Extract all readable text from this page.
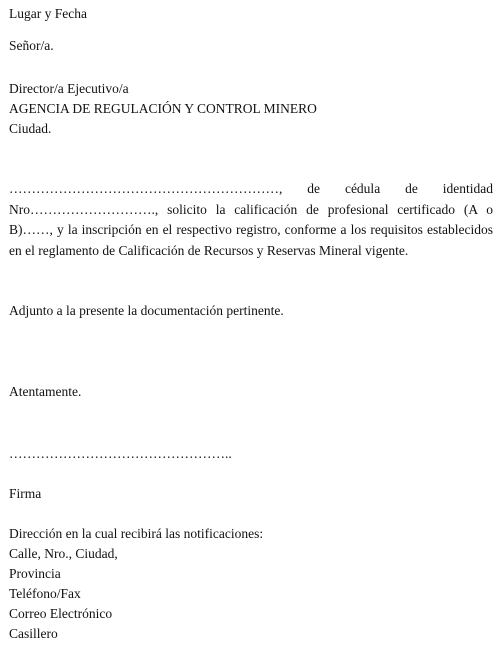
Lugar y Fecha
Señor/a.
Director/a Ejecutivo/a
AGENCIA DE REGULACIÓN Y CONTROL MINERO
Ciudad.
……………………………………………………, de cédula de identidad Nro………………………., solicito la calificación de profesional certificado (A o B)……, y la inscripción en el respectivo registro, conforme a los requisitos establecidos en el reglamento de Calificación de Recursos y Reservas Mineral vigente.
Adjunto a la presente la documentación pertinente.
Atentamente.
…………………………………………..
Firma
Dirección en la cual recibirá las notificaciones:
Calle, Nro., Ciudad,
Provincia
Teléfono/Fax
Correo Electrónico
Casillero
